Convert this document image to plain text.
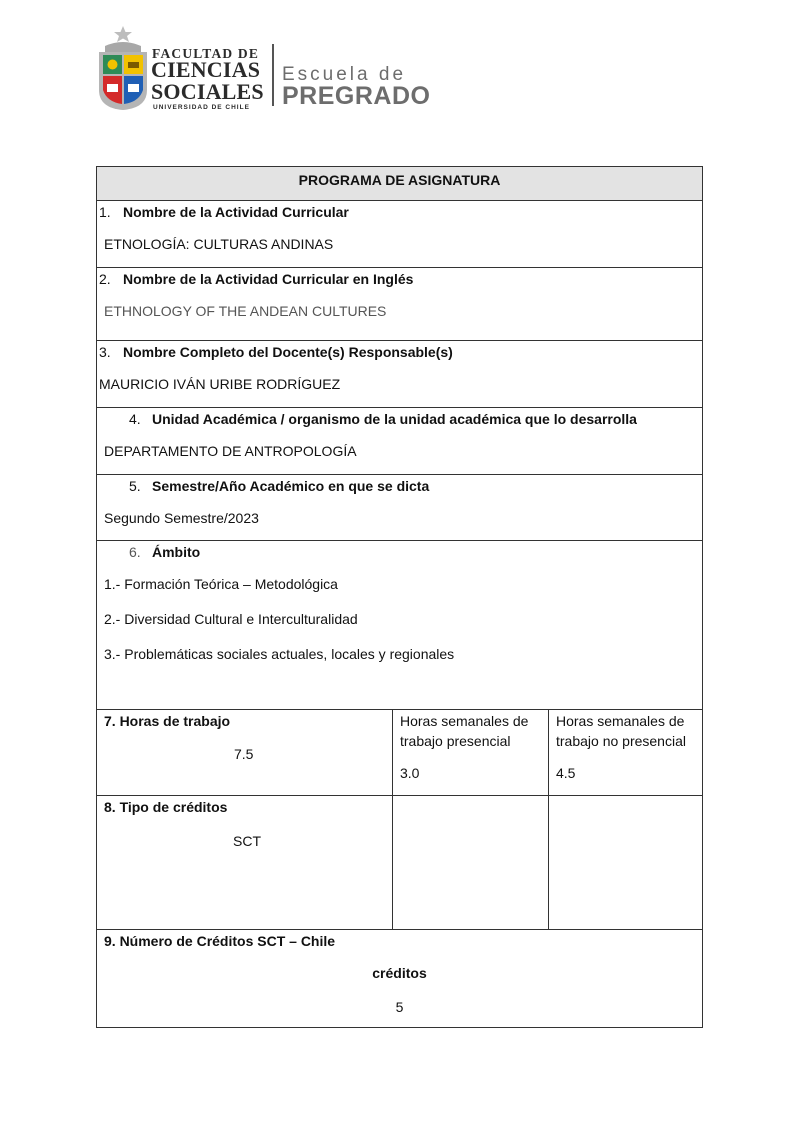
FACULTAD DE
CIENCIAS
SOCIALES
UNIVERSIDAD DE CHILE
Escuela de
PREGRADO
PROGRAMA DE ASIGNATURA
1. Nombre de la Actividad Curricular
ETNOLOGÍA: CULTURAS ANDINAS
2. Nombre de la Actividad Curricular en Inglés
ETHNOLOGY OF THE ANDEAN CULTURES
3. Nombre Completo del Docente(s) Responsable(s)
MAURICIO IVÁN URIBE RODRÍGUEZ
4. Unidad Académica / organismo de la unidad académica que lo desarrolla
DEPARTAMENTO DE ANTROPOLOGÍA
5. Semestre/Año Académico en que se dicta
Segundo Semestre/2023
6. Ámbito
1.- Formación Teórica – Metodológica
2.- Diversidad Cultural e Interculturalidad
3.- Problemáticas sociales actuales, locales y regionales
7. Horas de trabajo
7.5
Horas semanales de
trabajo presencial
3.0
Horas semanales de
trabajo no presencial
4.5
8. Tipo de créditos
SCT
9. Número de Créditos SCT – Chile
créditos
5
